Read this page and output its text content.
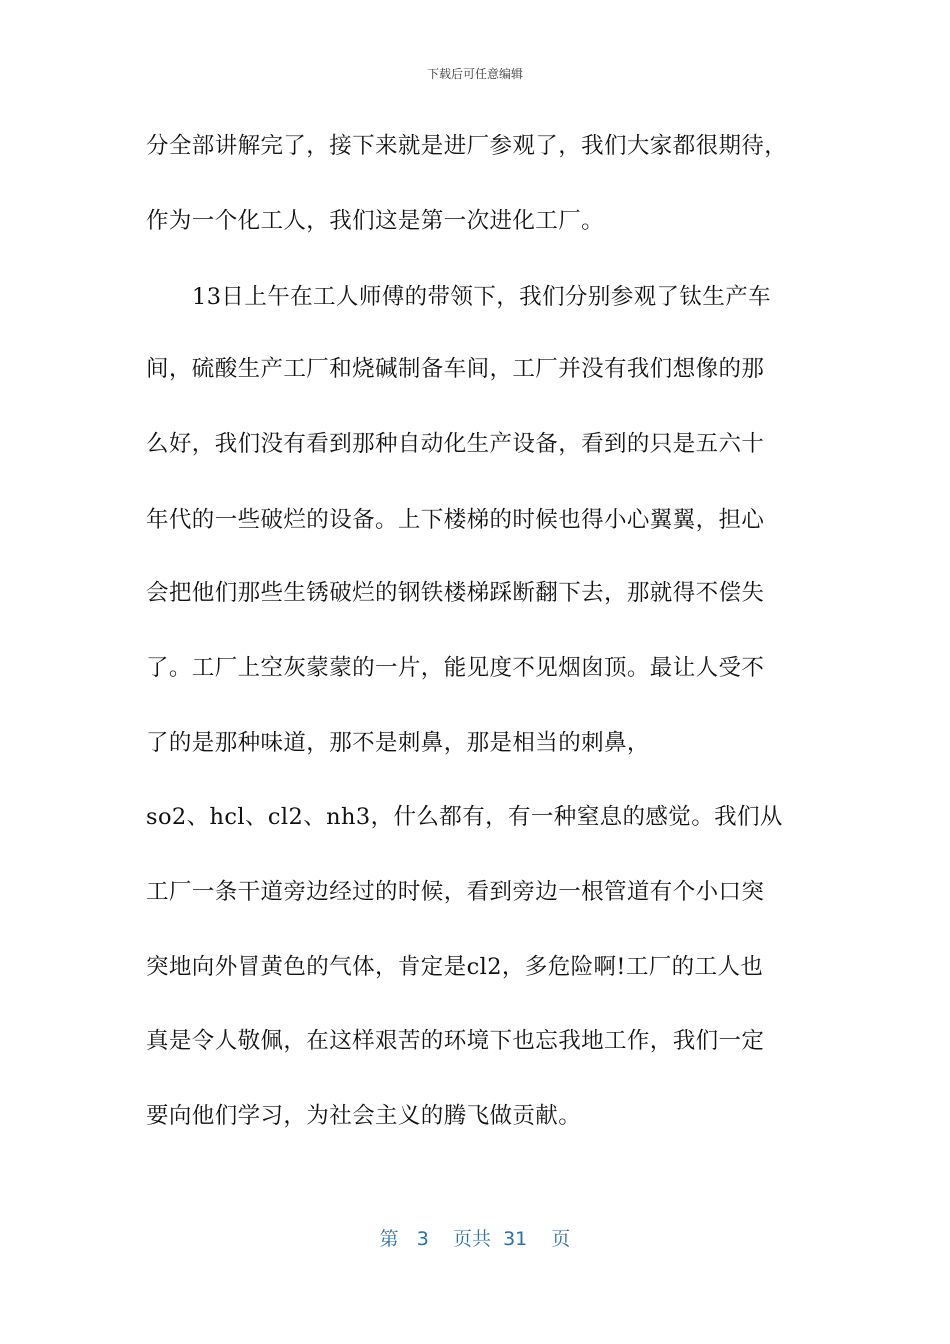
下载后可任意编辑
分全部讲解完了，接下来就是进厂参观了，我们大家都很期待，
作为一个化工人，我们这是第一次进化工厂。
13日上午在工人师傅的带领下，我们分别参观了钛生产车
间，硫酸生产工厂和烧碱制备车间，工厂并没有我们想像的那
么好，我们没有看到那种自动化生产设备，看到的只是五六十
年代的一些破烂的设备。上下楼梯的时候也得小心翼翼，担心
会把他们那些生锈破烂的钢铁楼梯踩断翻下去，那就得不偿失
了。工厂上空灰蒙蒙的一片，能见度不见烟囱顶。最让人受不
了的是那种味道，那不是刺鼻，那是相当的刺鼻，
so2、hcl、cl2、nh3，什么都有，有一种窒息的感觉。我们从
工厂一条干道旁边经过的时候，看到旁边一根管道有个小口突
突地向外冒黄色的气体，肯定是cl2，多危险啊!工厂的工人也
真是令人敬佩，在这样艰苦的环境下也忘我地工作，我们一定
要向他们学习，为社会主义的腾飞做贡献。
第 3 页共 31 页
